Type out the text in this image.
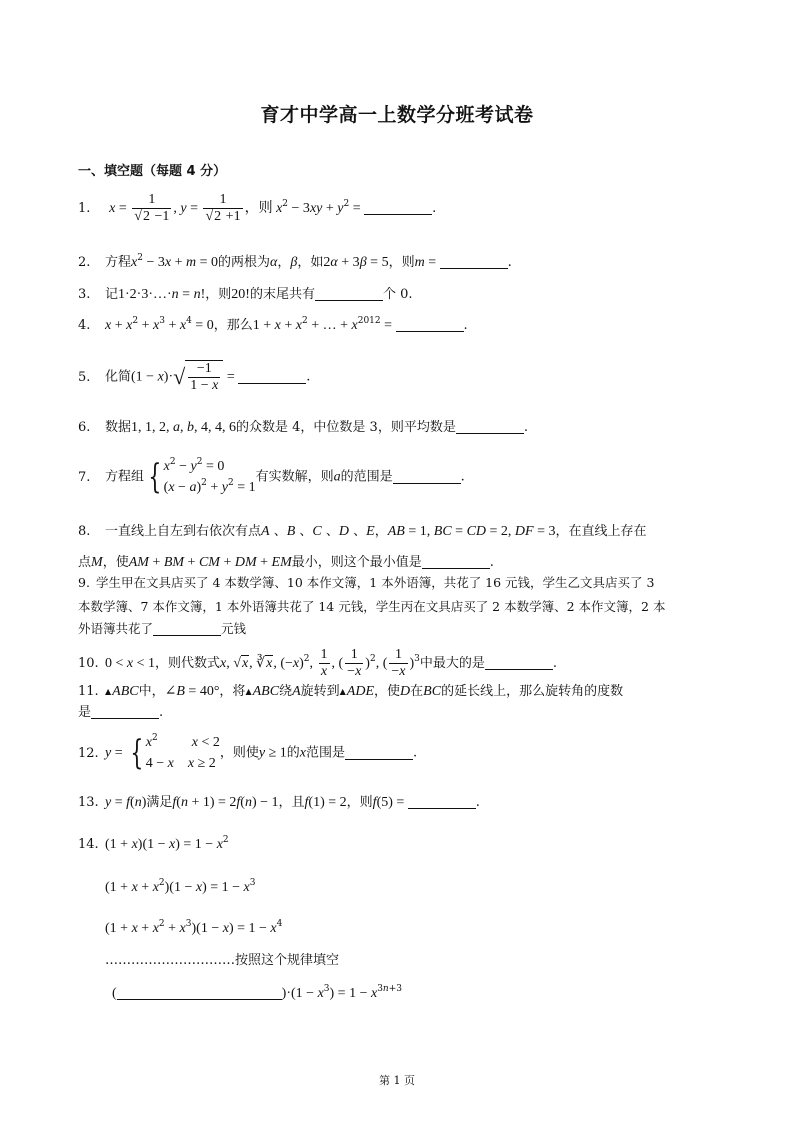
育才中学高一上数学分班考试卷
一、填空题（每题 4 分）
1. $x = \frac{1}{√2 -1}$ , $y = \frac{1}{√2 +1}$ ，则 $x^2 - 3xy + y^2$ =	.
2. 方程$x^2 - 3x + m = 0$的两根为α，β，如2α + 3β = 5，则m =	.
3. 记1·2·3·…·n = n!，则20!的末尾共有	个 0.
4. $x + x^2 + x^3 + x^4 = 0$，那么$1 + x + x^2$ + … + $x^{2012}$ =	.
5. 化简$(1 - x)\cdot√ \frac{-1}{1 - x}$ =	.
6. 数据1, 1, 2, a, b, 4, 4, 6的众数是 4，中位数是 3，则平均数是	.
7. 方程组 { $x^2 - y^2 = 0$
$(x - a)^2 + y^2 = 1$
有实数解，则a的范围是	.
8. 一直线上自左到右依次有点A 、B 、C 、D 、E，AB = 1, BC = CD = 2, DF = 3，在直线上存在
点M，使AM + BM + CM + DM + EM最小，则这个最小值是	.
9. 学生甲在文具店买了 4 本数学簿、10 本作文簿，1 本外语簿，共花了 16 元钱，学生乙文具店买了 3
本数学簿、7 本作文簿，1 本外语簿共花了 14 元钱，学生丙在文具店买了 2 本数学簿、2 本作文簿，2 本
外语簿共花了	元钱
10. 0 < x < 1，则代数式x, √x, ∛x, $(-x)^2$, $\frac{1}{x}$ , ( $\frac{1}{-x} )^2$, ( $\frac{1}{-x} )^3$中最大的是	.
11. ▲ABC中，∠B = 40°，将▲ABC绕A旋转到▲ADE，使D在BC的延长线上，那么旋转角的度数
是	.
12. y = { $x^2$ x < 2
4 − x x ≥ 2
，则使y ≥ 1的x范围是	.
13. y = f(n)满足f(n + 1) = 2f(n) − 1，且f(1) = 2，则f(5) =	.
14. $(1 + x)(1 - x) = 1 - x^2$
$(1 + x + x^2)(1 - x) = 1 - x^3$
$(1 + x + x^2 + x^3)(1 - x) = 1 - x^4$
…………………………按照这个规律填空
(	)$\cdot(1 - x^3) = 1 - x^{3n+3}$
第 1 页
